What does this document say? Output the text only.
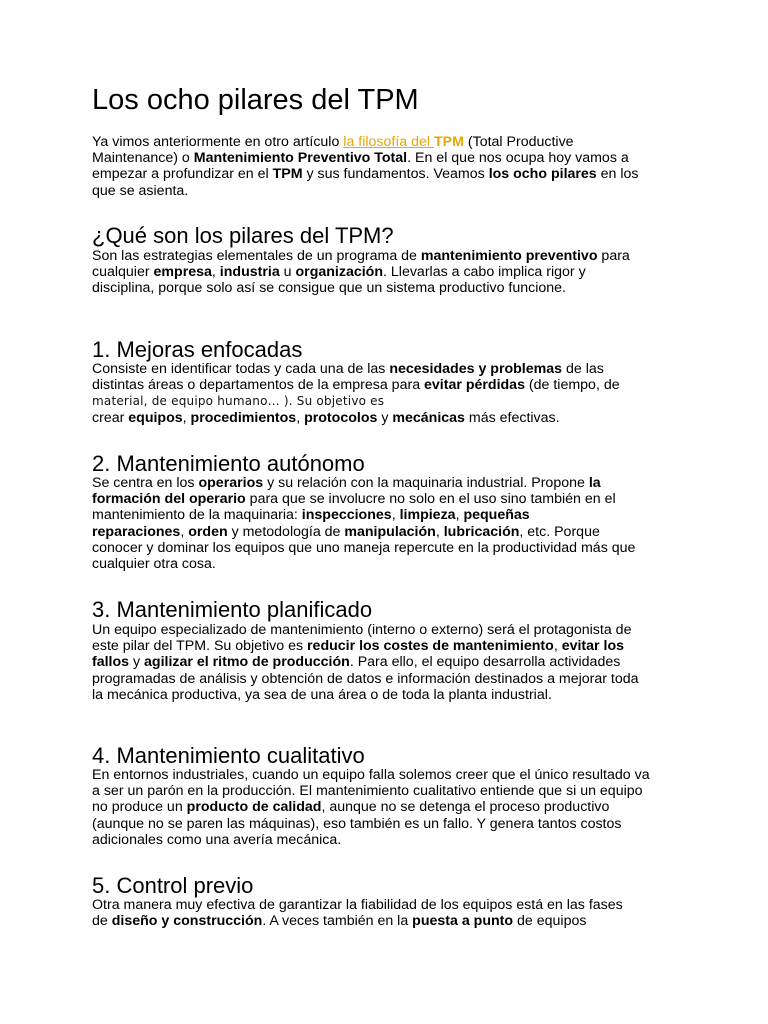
Los ocho pilares del TPM

Ya vimos anteriormente en otro artículo la filosofía del TPM (Total Productive
Maintenance) o Mantenimiento Preventivo Total. En el que nos ocupa hoy vamos a
empezar a profundizar en el TPM y sus fundamentos. Veamos los ocho pilares en los
que se asienta.

¿Qué son los pilares del TPM?

Son las estrategias elementales de un programa de mantenimiento preventivo para
cualquier empresa, industria u organización. Llevarlas a cabo implica rigor y
disciplina, porque solo así se consigue que un sistema productivo funcione.

1. Mejoras enfocadas

Consiste en identificar todas y cada una de las necesidades y problemas de las
distintas áreas o departamentos de la empresa para evitar pérdidas (de tiempo, de
material, de equipo humano… ). Su objetivo es
crear equipos, procedimientos, protocolos y mecánicas más efectivas.

2. Mantenimiento autónomo

Se centra en los operarios y su relación con la maquinaria industrial. Propone la
formación del operario para que se involucre no solo en el uso sino también en el
mantenimiento de la maquinaria: inspecciones, limpieza, pequeñas
reparaciones, orden y metodología de manipulación, lubricación, etc. Porque
conocer y dominar los equipos que uno maneja repercute en la productividad más que
cualquier otra cosa.

3. Mantenimiento planificado

Un equipo especializado de mantenimiento (interno o externo) será el protagonista de
este pilar del TPM. Su objetivo es reducir los costes de mantenimiento, evitar los
fallos y agilizar el ritmo de producción. Para ello, el equipo desarrolla actividades
programadas de análisis y obtención de datos e información destinados a mejorar toda
la mecánica productiva, ya sea de una área o de toda la planta industrial.

4. Mantenimiento cualitativo

En entornos industriales, cuando un equipo falla solemos creer que el único resultado va
a ser un parón en la producción. El mantenimiento cualitativo entiende que si un equipo
no produce un producto de calidad, aunque no se detenga el proceso productivo
(aunque no se paren las máquinas), eso también es un fallo. Y genera tantos costos
adicionales como una avería mecánica.

5. Control previo

Otra manera muy efectiva de garantizar la fiabilidad de los equipos está en las fases
de diseño y construcción. A veces también en la puesta a punto de equipos
